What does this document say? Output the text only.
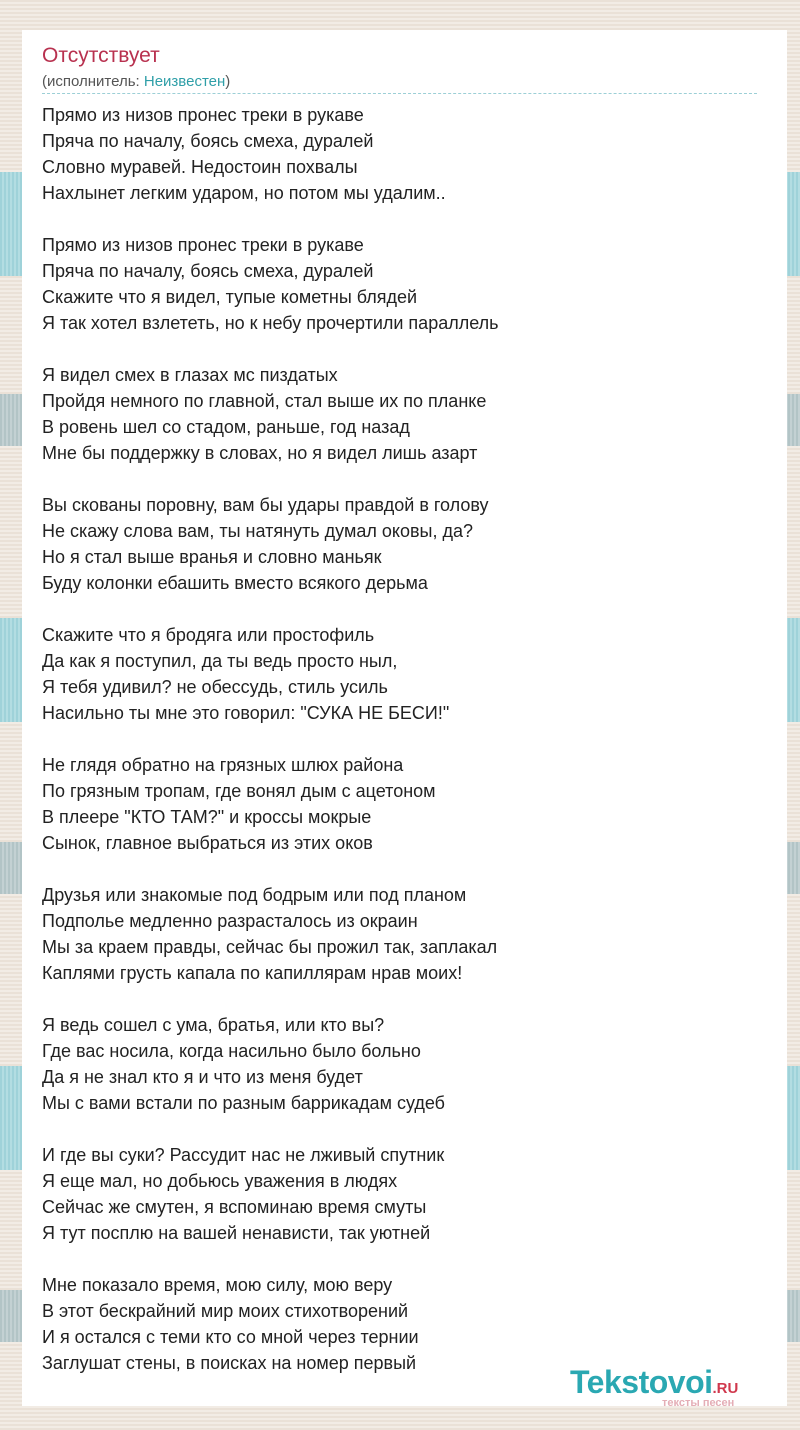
Отсутствует
(исполнитель: Неизвестен)
Прямо из низов пронес треки в рукаве
Пряча по началу, боясь смеха, дуралей
Словно муравей. Недостоин похвалы
Нахлынет легким ударом, но потом мы удалим..
Прямо из низов пронес треки в рукаве
Пряча по началу, боясь смеха, дуралей
Скажите что я видел, тупые кометны блядей
Я так хотел взлететь, но к небу прочертили параллель
Я видел смех в глазах мс пиздатых
Пройдя немного по главной, стал выше их по планке
В ровень шел со стадом, раньше, год назад
Мне бы поддержку в словах, но я видел лишь азарт
Вы скованы поровну, вам бы удары правдой в голову
Не скажу слова вам, ты натянуть думал оковы, да?
Но я стал выше вранья и словно маньяк
Буду колонки ебашить вместо всякого дерьма
Скажите что я бродяга или простофиль
Да как я поступил, да ты ведь просто ныл,
Я тебя удивил? не обессудь, стиль усиль
Насильно ты мне это говорил: "СУКА НЕ БЕСИ!"
Не глядя обратно на грязных шлюх района
По грязным тропам, где вонял дым с ацетоном
В плеере "КТО ТАМ?" и кроссы мокрые
Сынок, главное выбраться из этих оков
Друзья или знакомые под бодрым или под планом
Подполье медленно разрасталось из окраин
Мы за краем правды, сейчас бы прожил так, заплакал
Каплями грусть капала по капиллярам нрав моих!
Я ведь сошел с ума, братья, или кто вы?
Где вас носила, когда насильно было больно
Да я не знал кто я и что из меня будет
Мы с вами встали по разным баррикадам судеб
И где вы суки? Рассудит нас не лживый спутник
Я еще мал, но добьюсь уважения в людях
Сейчас же смутен, я вспоминаю время смуты
Я тут посплю на вашей ненависти, так уютней
Мне показало время, мою силу, мою веру
В этот бескрайний мир моих стихотворений
И я остался с теми кто со мной через тернии
Заглушат стены, в поисках на номер первый
Tekstovoi.RU
тексты песен
